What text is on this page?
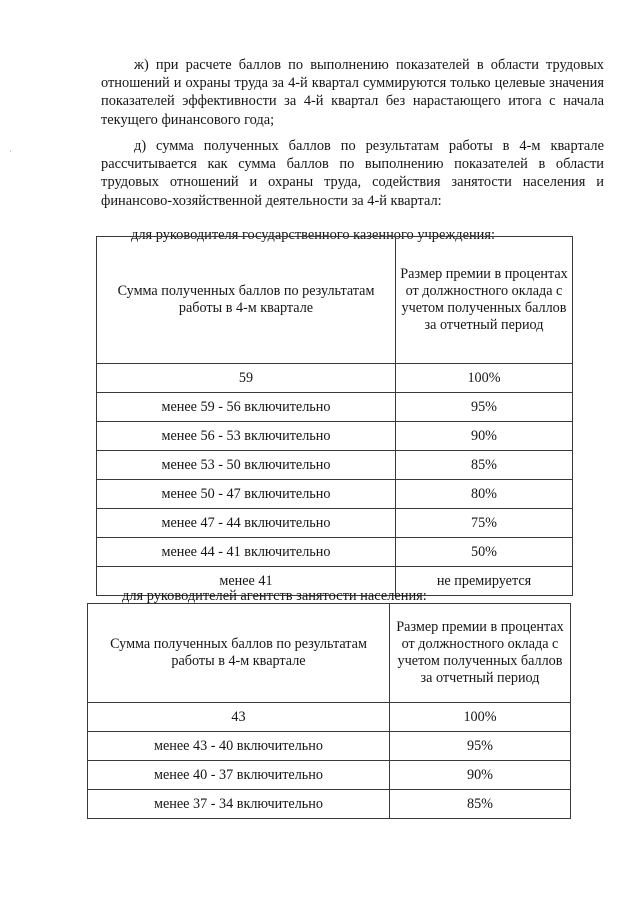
ж) при расчете баллов по выполнению показателей в области трудовых отношений и охраны труда за 4-й квартал суммируются только целевые значения показателей эффективности за 4-й квартал без нарастающего итога с начала текущего финансового года;

д) сумма полученных баллов по результатам работы в 4-м квартале рассчитывается как сумма баллов по выполнению показателей в области трудовых отношений и охраны труда, содействия занятости населения и финансово-хозяйственной деятельности за 4-й квартал:

для руководителя государственного казенного учреждения:

Сумма полученных баллов по результатам работы в 4-м квартале	Размер премии в процентах от должностного оклада с учетом полученных баллов за отчетный период
59	100%
менее 59 - 56 включительно	95%
менее 56 - 53 включительно	90%
менее 53 - 50 включительно	85%
менее 50 - 47 включительно	80%
менее 47 - 44 включительно	75%
менее 44 - 41 включительно	50%
менее 41	не премируется

для руководителей агентств занятости населения:

Сумма полученных баллов по результатам работы в 4-м квартале	Размер премии в процентах от должностного оклада с учетом полученных баллов за отчетный период
43	100%
менее 43 - 40 включительно	95%
менее 40 - 37 включительно	90%
менее 37 - 34 включительно	85%
